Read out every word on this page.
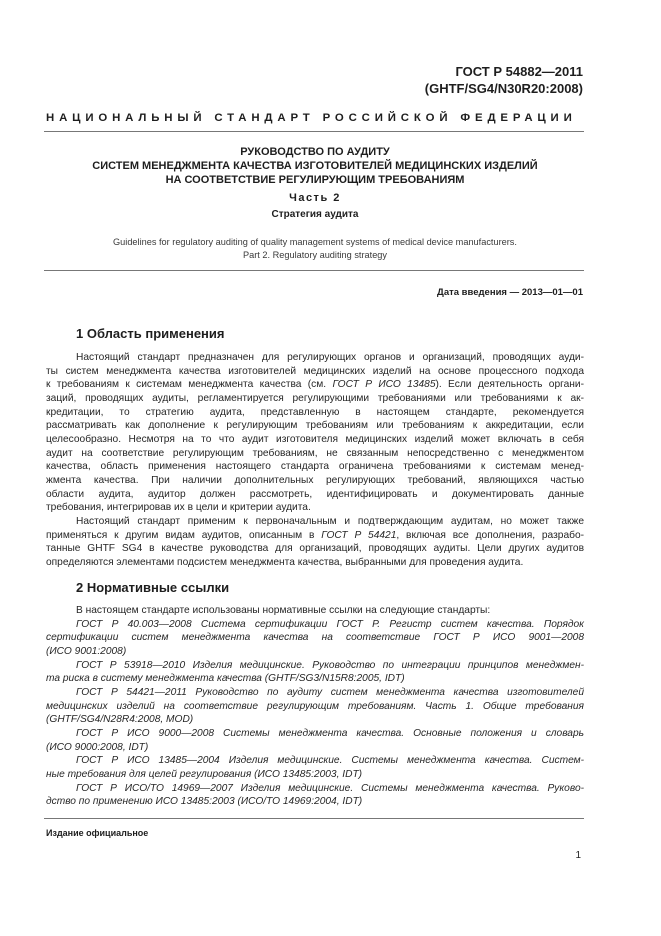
ГОСТ Р 54882—2011
(GHTF/SG4/N30R20:2008)
НАЦИОНАЛЬНЫЙ СТАНДАРТ РОССИЙСКОЙ ФЕДЕРАЦИИ
РУКОВОДСТВО ПО АУДИТУ
СИСТЕМ МЕНЕДЖМЕНТА КАЧЕСТВА ИЗГОТОВИТЕЛЕЙ МЕДИЦИНСКИХ ИЗДЕЛИЙ
НА СООТВЕТСТВИЕ РЕГУЛИРУЮЩИМ ТРЕБОВАНИЯМ
Часть 2
Стратегия аудита
Guidelines for regulatory auditing of quality management systems of medical device manufacturers.
Part 2. Regulatory auditing strategy
Дата введения — 2013—01—01
1 Область применения
Настоящий стандарт предназначен для регулирующих органов и организаций, проводящих ауди-
ты систем менеджмента качества изготовителей медицинских изделий на основе процессного подхода
к требованиям к системам менеджмента качества (см. ГОСТ Р ИСО 13485). Если деятельность органи-
заций, проводящих аудиты, регламентируется регулирующими требованиями или требованиями к ак-
кредитации, то стратегию аудита, представленную в настоящем стандарте, рекомендуется
рассматривать как дополнение к регулирующим требованиям или требованиям к аккредитации, если
целесообразно. Несмотря на то что аудит изготовителя медицинских изделий может включать в себя
аудит на соответствие регулирующим требованиям, не связанным непосредственно с менеджментом
качества, область применения настоящего стандарта ограничена требованиями к системам менед-
жмента качества. При наличии дополнительных регулирующих требований, являющихся частью
области аудита, аудитор должен рассмотреть, идентифицировать и документировать данные
требования, интегрировав их в цели и критерии аудита.
Настоящий стандарт применим к первоначальным и подтверждающим аудитам, но может также
применяться к другим видам аудитов, описанным в ГОСТ Р 54421, включая все дополнения, разрабо-
танные GHTF SG4 в качестве руководства для организаций, проводящих аудиты. Цели других аудитов
определяются элементами подсистем менеджмента качества, выбранными для проведения аудита.
2 Нормативные ссылки
В настоящем стандарте использованы нормативные ссылки на следующие стандарты:
ГОСТ Р 40.003—2008 Система сертификации ГОСТ Р. Регистр систем качества. Порядок
сертификации систем менеджмента качества на соответствие ГОСТ Р ИСО 9001—2008
(ИСО 9001:2008)
ГОСТ Р 53918—2010 Изделия медицинские. Руководство по интеграции принципов менеджмен-
та риска в систему менеджмента качества (GHTF/SG3/N15R8:2005, IDT)
ГОСТ Р 54421—2011 Руководство по аудиту систем менеджмента качества изготовителей
медицинских изделий на соответствие регулирующим требованиям. Часть 1. Общие требования
(GHTF/SG4/N28R4:2008, MOD)
ГОСТ Р ИСО 9000—2008 Системы менеджмента качества. Основные положения и словарь
(ИСО 9000:2008, IDT)
ГОСТ Р ИСО 13485—2004 Изделия медицинские. Системы менеджмента качества. Систем-
ные требования для целей регулирования (ИСО 13485:2003, IDT)
ГОСТ Р ИСО/ТО 14969—2007 Изделия медицинские. Системы менеджмента качества. Руково-
дство по применению ИСО 13485:2003 (ИСО/ТО 14969:2004, IDT)
Издание официальное
1
